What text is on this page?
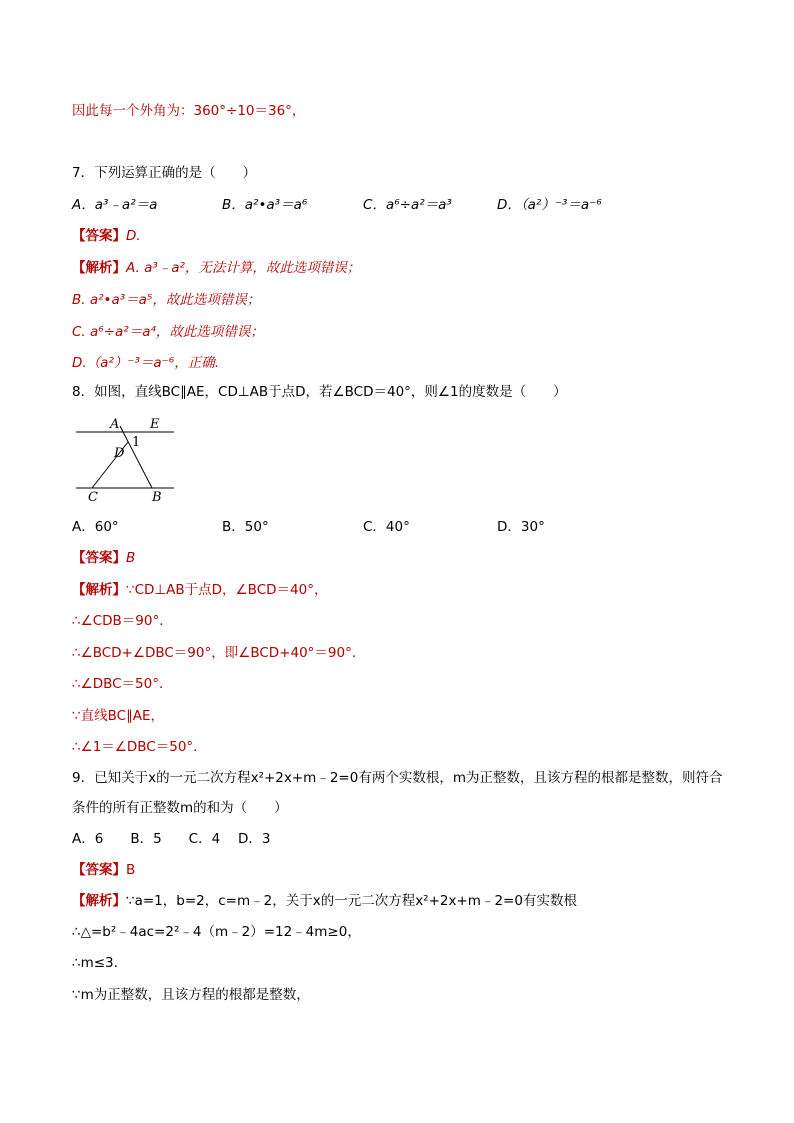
因此每一个外角为：360°÷10＝36°，
7．下列运算正确的是（　　）
A．a³﹣a²＝a	B．a²•a³＝a⁶	C．a⁶÷a²＝a³	D．（a²）⁻³＝a⁻⁶
【答案】D.
【解析】A. a³﹣a²，无法计算，故此选项错误；
B. a²•a³＝a⁵，故此选项错误；
C. a⁶÷a²＝a⁴，故此选项错误；
D.（a²）⁻³＝a⁻⁶，正确.
8．如图，直线BC∥AE，CD⊥AB于点D，若∠BCD＝40°，则∠1的度数是（　　）
A E
1
D
C	B
A．60°	B．50°	C．40°	D．30°
【答案】B
【解析】∵CD⊥AB于点D，∠BCD＝40°，
∴∠CDB＝90°．
∴∠BCD+∠DBC＝90°，即∠BCD+40°＝90°．
∴∠DBC＝50°．
∵直线BC∥AE，
∴∠1＝∠DBC＝50°．
9．已知关于x的一元二次方程x²+2x+m﹣2=0有两个实数根，m为正整数，且该方程的根都是整数，则符合
条件的所有正整数m的和为（　　）
A．6　　B．5　　C．4　 D．3
【答案】B
【解析】∵a=1，b=2，c=m﹣2，关于x的一元二次方程x²+2x+m﹣2=0有实数根
∴△=b²﹣4ac=2²﹣4（m﹣2）=12﹣4m≥0，
∴m≤3.
∵m为正整数，且该方程的根都是整数，
